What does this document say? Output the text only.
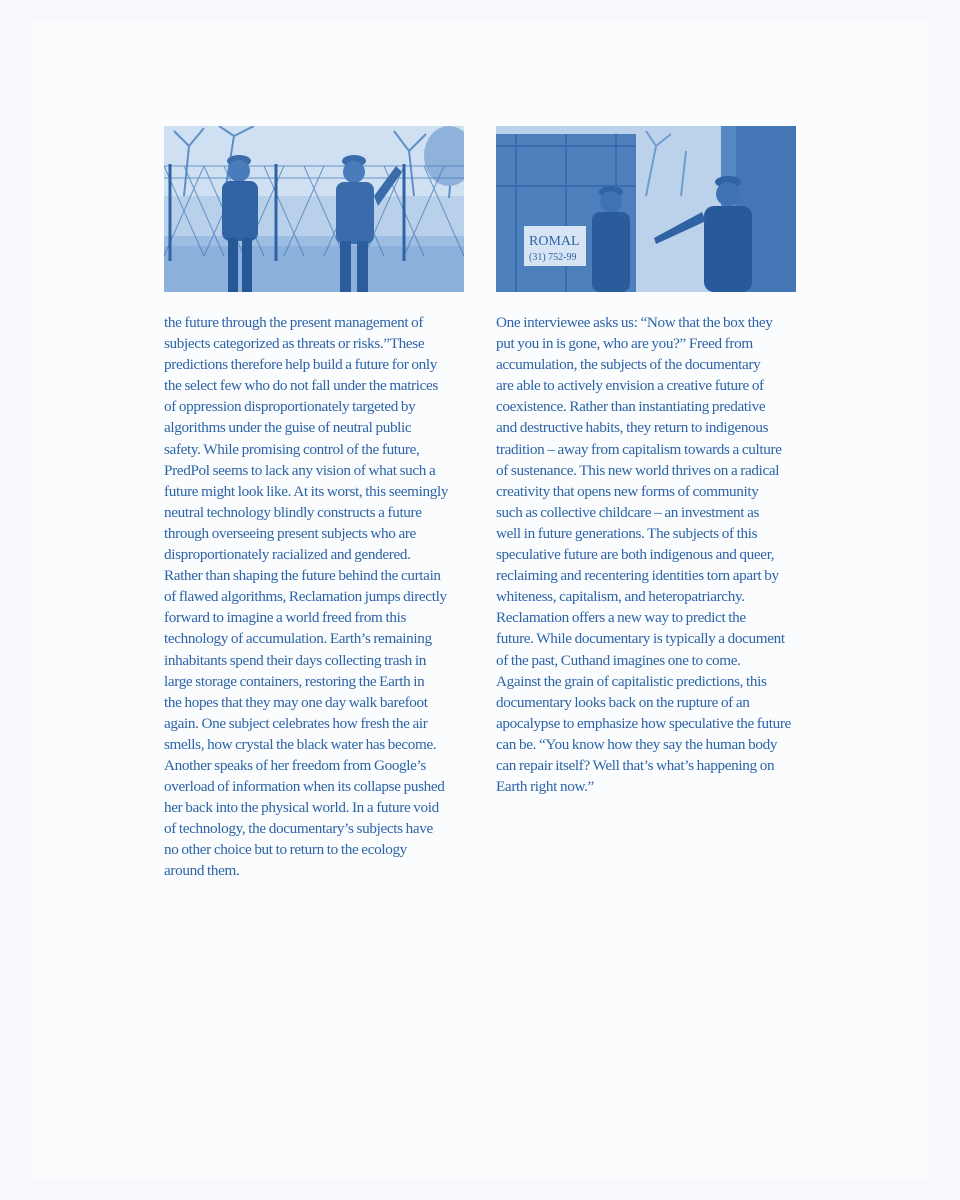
ROMAL
(31) 752-99
the future through the present management of
subjects categorized as threats or risks.”These
predictions therefore help build a future for only
the select few who do not fall under the matrices
of oppression disproportionately targeted by
algorithms under the guise of neutral public
safety. While promising control of the future,
PredPol seems to lack any vision of what such a
future might look like. At its worst, this seemingly
neutral technology blindly constructs a future
through overseeing present subjects who are
disproportionately racialized and gendered.
Rather than shaping the future behind the curtain
of flawed algorithms, Reclamation jumps directly
forward to imagine a world freed from this
technology of accumulation. Earth’s remaining
inhabitants spend their days collecting trash in
large storage containers, restoring the Earth in
the hopes that they may one day walk barefoot
again. One subject celebrates how fresh the air
smells, how crystal the black water has become.
Another speaks of her freedom from Google’s
overload of information when its collapse pushed
her back into the physical world. In a future void
of technology, the documentary’s subjects have
no other choice but to return to the ecology
around them.
One interviewee asks us: “Now that the box they
put you in is gone, who are you?” Freed from
accumulation, the subjects of the documentary
are able to actively envision a creative future of
coexistence. Rather than instantiating predative
and destructive habits, they return to indigenous
tradition – away from capitalism towards a culture
of sustenance. This new world thrives on a radical
creativity that opens new forms of community
such as collective childcare – an investment as
well in future generations. The subjects of this
speculative future are both indigenous and queer,
reclaiming and recentering identities torn apart by
whiteness, capitalism, and heteropatriarchy.
Reclamation offers a new way to predict the
future. While documentary is typically a document
of the past, Cuthand imagines one to come.
Against the grain of capitalistic predictions, this
documentary looks back on the rupture of an
apocalypse to emphasize how speculative the future
can be. “You know how they say the human body
can repair itself? Well that’s what’s happening on
Earth right now.”
